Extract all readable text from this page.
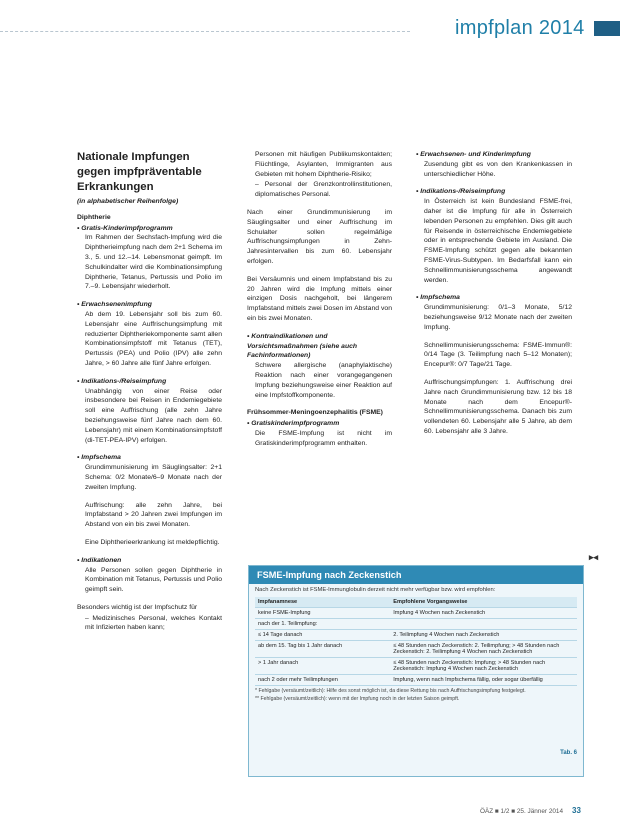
impfplan 2014
Nationale Impfungen gegen impfpräventable Erkrankungen
(in alphabetischer Reihenfolge)
Diphtherie
• Gratis-Kinderimpfprogramm

Im Rahmen der Sechsfach-Impfung wird die Diphtherieimpfung nach dem 2+1 Schema im 3., 5. und 12.–14. Lebensmonat geimpft. Im Schulkindalter wird die Kombinationsimpfung Diphtherie, Tetanus, Pertussis und Polio im 7.–9. Lebensjahr wiederholt.

• Erwachsenenimpfung

Ab dem 19. Lebensjahr soll bis zum 60. Lebensjahr eine Auffrischungsimpfung mit reduzierter Diphtheriekomponente samt allen Kombinationsimpfstoff mit Tetanus (TET), Pertussis (PEA) und Polio (IPV) alle zehn Jahre, > 60 Jahre alle fünf Jahre erfolgen.

• Indikations-/Reiseimpfung

Unabhängig von einer Reise oder insbesondere bei Reisen in Endemiegebiete soll eine Auffrischung (alle zehn Jahre beziehungsweise fünf Jahre nach dem 60. Lebensjahr) mit einem Kombinationsimpfstoff (di-TET-PEA-IPV) erfolgen.

• Impfschema

Grundimmunisierung im Säuglingsalter: 2+1 Schema: 0/2 Monate/6–9 Monate nach der zweiten Impfung.

Auffrischung: alle zehn Jahre, bei Impfabstand > 20 Jahren zwei Impfungen im Abstand von ein bis zwei Monaten.

Eine Diphtherieerkrankung ist meldepflichtig.

• Indikationen

Alle Personen sollen gegen Diphtherie in Kombination mit Tetanus, Pertussis und Polio geimpft sein.

Besonders wichtig ist der Impfschutz für

– Medizinisches Personal, welches Kontakt mit Infizierten haben kann;

Personen mit häufigen Publikumskontakten; Flüchtlinge, Asylanten, Immigranten aus Gebieten mit hohem Diphtherie-Risiko;

– Personal der Grenzkontrollinstitutionen, diplomatisches Personal.

Nach einer Grundimmunisierung im Säuglingsalter und einer Auffrischung im Schulalter sollen regelmäßige Auffrischungsimpfungen in Zehn-Jahresintervallen bis zum 60. Lebensjahr erfolgen.

Bei Versäumnis und einem Impfabstand bis zu 20 Jahren wird die Impfung mittels einer einzigen Dosis nachgeholt, bei längerem Impfabstand mittels zwei Dosen im Abstand von ein bis zwei Monaten.

• Kontraindikationen und Vorsichtsmaßnahmen (siehe auch Fachinformationen)

Schwere allergische (anaphylaktische) Reaktion nach einer vorangegangenen Impfung beziehungsweise einer Reaktion auf eine Impfstoffkomponente.

Frühsommer-Meningoenzephalitis (FSME)
• Gratiskinderimpfprogramm

Die FSME-Impfung ist nicht im Gratiskinderimpfprogramm enthalten.

• Erwachsenen- und Kinderimpfung

Zusendung gibt es von den Krankenkassen in unterschiedlicher Höhe.

• Indikations-/Reiseimpfung

In Österreich ist kein Bundesland FSME-frei, daher ist die Impfung für alle in Österreich lebenden Personen zu empfehlen. Dies gilt auch für Reisende in österreichische Endemiegebiete oder in entsprechende Gebiete im Ausland. Die FSME-Impfung schützt gegen alle bekannten FSME-Virus-Subtypen. Im Bedarfsfall kann ein Schnellimmunisierungsschema angewandt werden.

• Impfschema

Grundimmunisierung: 0/1–3 Monate, 5/12 beziehungsweise 9/12 Monate nach der zweiten Impfung.

Schnellimmunisierungsschema: FSME-Immun®: 0/14 Tage (3. Teilimpfung nach 5–12 Monaten); Encepur®: 0/7 Tage/21 Tage.

Auffrischungsimpfungen: 1. Auffrischung drei Jahre nach Grundimmunisierung bzw. 12 bis 18 Monate nach dem Encepur®-Schnellimmunisierungsschema. Danach bis zum vollendeten 60. Lebensjahr alle 5 Jahre, ab dem 60. Lebensjahr alle 3 Jahre.

▸◂
FSME-Impfung nach Zeckenstich
Nach Zeckenstich ist FSME-Immunglobulin derzeit nicht mehr verfügbar bzw. wird empfohlen:
Impfanamnese	Empfohlene Vorgangsweise
keine FSME-Impfung	Impfung 4 Wochen nach Zeckenstich
nach der 1. Teilimpfung:	
≤ 14 Tage danach	2. Teilimpfung 4 Wochen nach Zeckenstich
ab dem 15. Tag bis 1 Jahr danach	≤ 48 Stunden nach Zeckenstich: 2. Teilimpfung; > 48 Stunden nach Zeckenstich: 2. Teilimpfung 4 Wochen nach Zeckenstich
> 1 Jahr danach	≤ 48 Stunden nach Zeckenstich: Impfung; > 48 Stunden nach Zeckenstich: Impfung 4 Wochen nach Zeckenstich
nach 2 oder mehr Teilimpfungen	Impfung, wenn nach Impfschema fällig, oder sogar überfällig
* Fehlgabe (versäumt/zeitlich): Hilfe des sonst möglich ist, da diese Rettung bis nach Auffrischungsimpfung festgelegt.
** Fehlgabe (versäumt/zeitlich): wenn mit der Impfung noch in der letzten Saison geimpft.
Tab. 6
ÖÄZ ■ 1/2 ■ 25. Jänner 2014 33
